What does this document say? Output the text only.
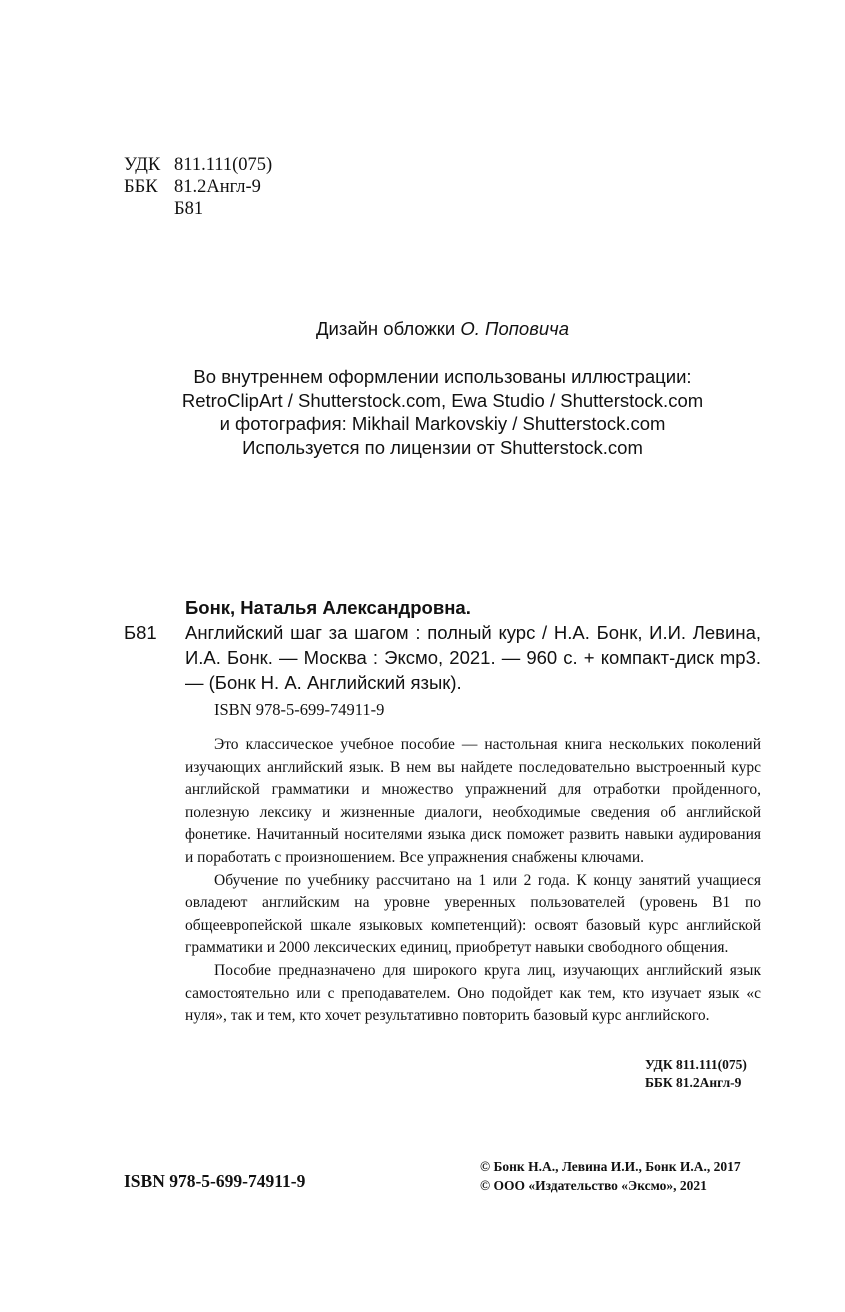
УДК 811.111(075)
ББК 81.2Англ-9
Б81
Дизайн обложки О. Поповича
Во внутреннем оформлении использованы иллюстрации:
RetroClipArt / Shutterstock.com, Ewa Studio / Shutterstock.com
и фотография: Mikhail Markovskiy / Shutterstock.com
Используется по лицензии от Shutterstock.com
Бонк, Наталья Александровна.
Б81 Английский шаг за шагом : полный курс / Н.А. Бонк, И.И. Левина, И.А. Бонк. — Москва : Эксмо, 2021. — 960 с. + компакт-диск mp3. — (Бонк Н. А. Английский язык).
ISBN 978-5-699-74911-9

Это классическое учебное пособие — настольная книга нескольких поколений изучающих английский язык. В нем вы найдете последовательно выстроенный курс английской грамматики и множество упражнений для отработки пройденного, полезную лексику и жизненные диалоги, необходимые сведения об английской фонетике. Начитанный носителями языка диск поможет развить навыки аудирования и поработать с произношением. Все упражнения снабжены ключами.

Обучение по учебнику рассчитано на 1 или 2 года. К концу занятий учащиеся овладеют английским на уровне уверенных пользователей (уровень B1 по общеевропейской шкале языковых компетенций): освоят базовый курс английской грамматики и 2000 лексических единиц, приобретут навыки свободного общения.

Пособие предназначено для широкого круга лиц, изучающих английский язык самостоятельно или с преподавателем. Оно подойдет как тем, кто изучает язык «с нуля», так и тем, кто хочет результативно повторить базовый курс английского.

УДК 811.111(075)
ББК 81.2Англ-9
ISBN 978-5-699-74911-9
© Бонк Н.А., Левина И.И., Бонк И.А., 2017
© ООО «Издательство «Эксмо», 2021
